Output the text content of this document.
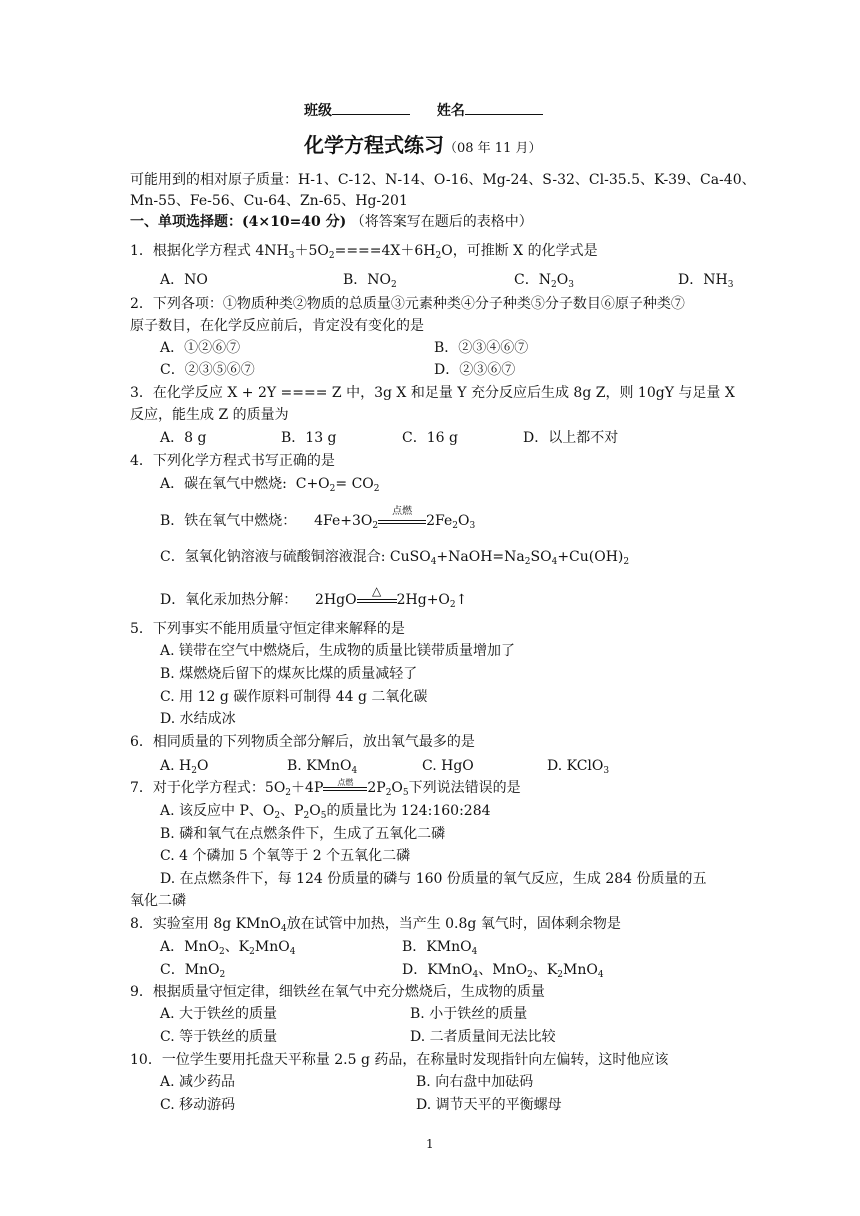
班级	姓名
化学方程式练习（08 年 11 月）
可能用到的相对原子质量：H-1、C-12、N-14、O-16、Mg-24、S-32、Cl-35.5、K-39、Ca-40、
Mn-55、Fe-56、Cu-64、Zn-65、Hg-201
一、单项选择题：(4×10=40 分) （将答案写在题后的表格中）
1．根据化学方程式 $4NH_3+5O_2====4X+6H_2O$，可推断 X 的化学式是
A．NO	B．$NO_2$	C．$N_2O_3$	D．$NH_3$
2．下列各项：①物质种类②物质的总质量③元素种类④分子种类⑤分子数目⑥原子种类⑦
原子数目，在化学反应前后，肯定没有变化的是
A．①②⑥⑦	B．②③④⑥⑦
C．②③⑤⑥⑦	D．②③⑥⑦
3．在化学反应 X + 2Y ==== Z 中，3g X 和足量 Y 充分反应后生成 8g Z，则 10gY 与足量 X
反应，能生成 Z 的质量为
A．8 g	B．13 g	C．16 g	D．以上都不对
4．下列化学方程式书写正确的是
A．碳在氧气中燃烧: $C+O_2= CO_2$
B．铁在氧气中燃烧： $4Fe+3O_2$
点燃
$2Fe_2O_3$
C．氢氧化钠溶液与硫酸铜溶液混合: $CuSO_4+NaOH=Na_2SO_4+Cu(OH)_2$
D．氧化汞加热分解： 2HgO
△
$2Hg+O_2↑$
5．下列事实不能用质量守恒定律来解释的是
A. 镁带在空气中燃烧后，生成物的质量比镁带质量增加了
B. 煤燃烧后留下的煤灰比煤的质量减轻了
C. 用 12 g 碳作原料可制得 44 g 二氧化碳
D. 水结成冰
6．相同质量的下列物质全部分解后，放出氧气最多的是
A. $H_2O$	B. KMnO$_4$	C. HgO	D. KClO$_3$
7．对于化学方程式：$5O_2+4P$	点燃	$2P_2O_5$下列说法错误的是
A. 该反应中 P、$O_2$、$P_2O_5$的质量比为 124:160:284
B. 磷和氧气在点燃条件下，生成了五氧化二磷
C. 4 个磷加 5 个氧等于 2 个五氧化二磷
D. 在点燃条件下，每 124 份质量的磷与 160 份质量的氧气反应，生成 284 份质量的五
氧化二磷
8．实验室用 8g KMnO$_4$放在试管中加热，当产生 0.8g 氧气时，固体剩余物是
A．MnO$_2$、$K_2MnO_4$	B．KMnO$_4$
C．MnO$_2$	D．KMnO$_4$、MnO$_2$、$K_2MnO_4$
9．根据质量守恒定律，细铁丝在氧气中充分燃烧后，生成物的质量
A. 大于铁丝的质量	B. 小于铁丝的质量
C. 等于铁丝的质量	D. 二者质量间无法比较
10．一位学生要用托盘天平称量 2.5 g 药品，在称量时发现指针向左偏转，这时他应该
A. 减少药品	B. 向右盘中加砝码
C. 移动游码	D. 调节天平的平衡螺母
1
